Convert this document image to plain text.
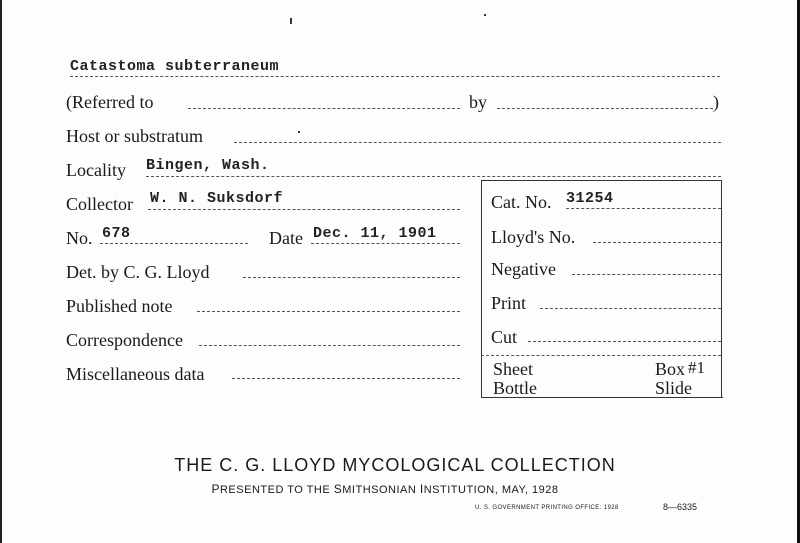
Catastoma subterraneum
(Referred to	by	)
Host or substratum
Locality Bingen, Wash.
Collector W. N. Suksdorf
No. 678	Date Dec. 11, 1901
Det. by C. G. Lloyd
Published note
Correspondence
Miscellaneous data
Cat. No. 31254
Lloyd's No.
Negative
Print
Cut
Sheet	Box #1
Bottle	Slide
THE C. G. LLOYD MYCOLOGICAL COLLECTION
PRESENTED TO THE SMITHSONIAN INSTITUTION, MAY, 1928
U. S. GOVERNMENT PRINTING OFFICE: 1928	8—6335
